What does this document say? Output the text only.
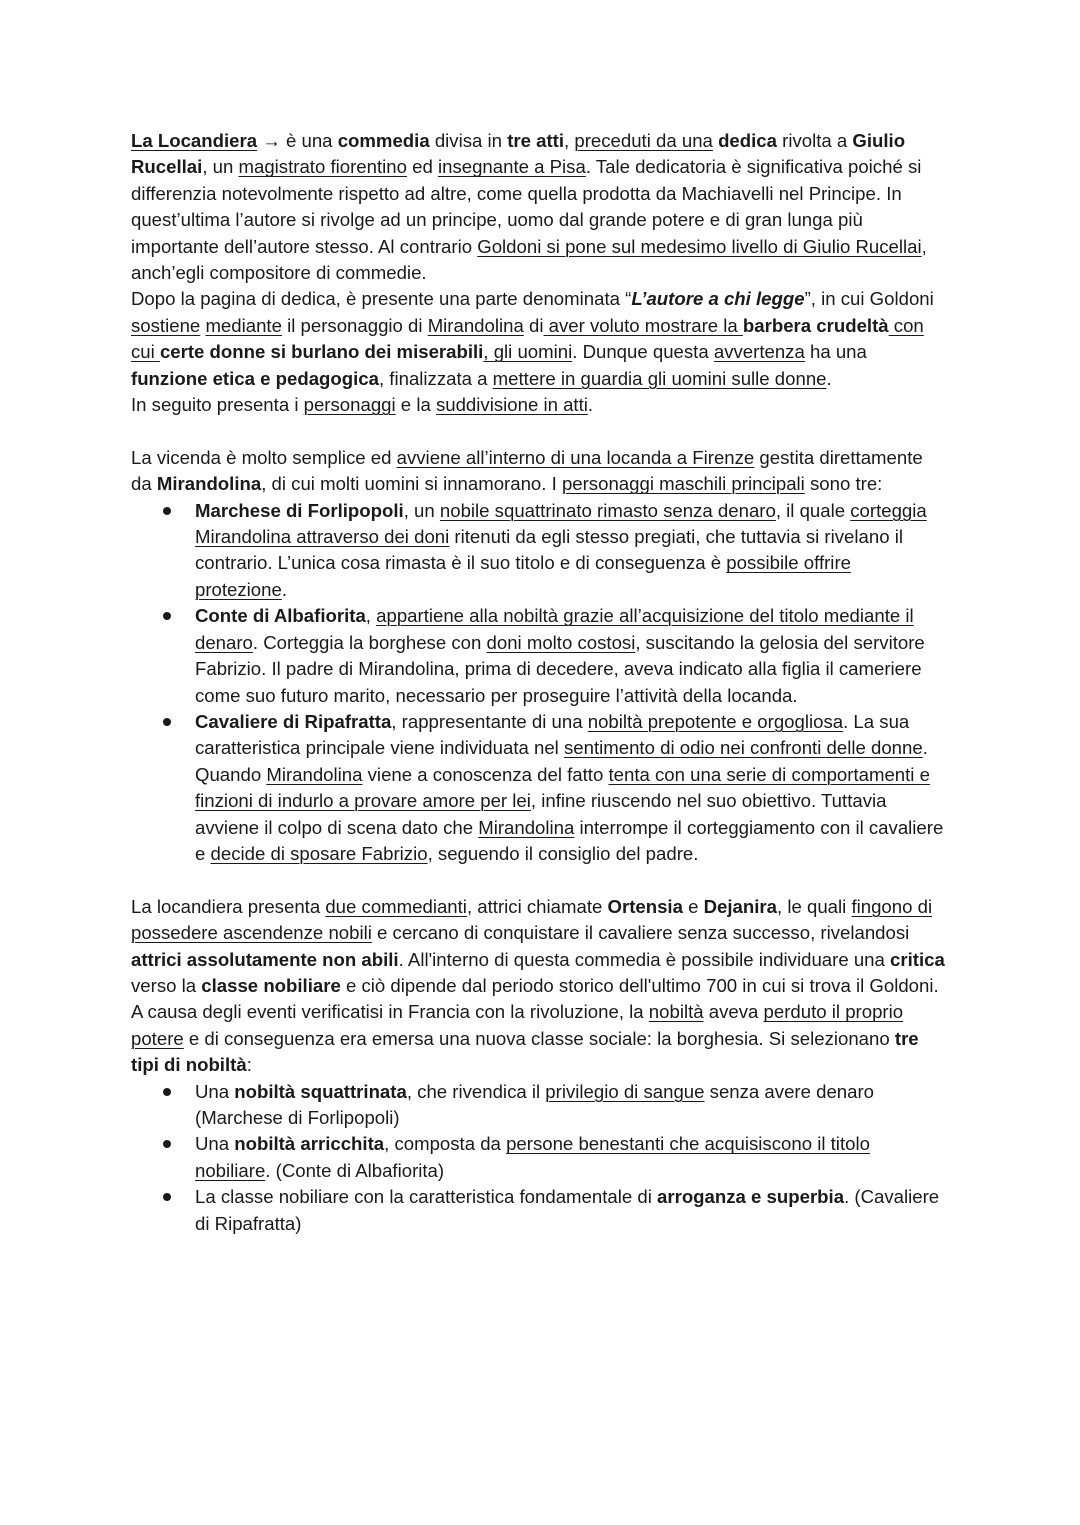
La Locandiera → è una commedia divisa in tre atti, preceduti da una dedica rivolta a Giulio Rucellai, un magistrato fiorentino ed insegnante a Pisa. Tale dedicatoria è significativa poiché si differenzia notevolmente rispetto ad altre, come quella prodotta da Machiavelli nel Principe. In quest’ultima l’autore si rivolge ad un principe, uomo dal grande potere e di gran lunga più importante dell’autore stesso. Al contrario Goldoni si pone sul medesimo livello di Giulio Rucellai, anch’egli compositore di commedie.

Dopo la pagina di dedica, è presente una parte denominata “L’autore a chi legge”, in cui Goldoni sostiene mediante il personaggio di Mirandolina di aver voluto mostrare la barbera crudeltà con cui certe donne si burlano dei miserabili, gli uomini. Dunque questa avvertenza ha una funzione etica e pedagogica, finalizzata a mettere in guardia gli uomini sulle donne.

In seguito presenta i personaggi e la suddivisione in atti.

La vicenda è molto semplice ed avviene all’interno di una locanda a Firenze gestita direttamente da Mirandolina, di cui molti uomini si innamorano. I personaggi maschili principali sono tre:

Marchese di Forlipopoli, un nobile squattrinato rimasto senza denaro, il quale corteggia Mirandolina attraverso dei doni ritenuti da egli stesso pregiati, che tuttavia si rivelano il contrario. L’unica cosa rimasta è il suo titolo e di conseguenza è possibile offrire protezione.
Conte di Albafiorita, appartiene alla nobiltà grazie all’acquisizione del titolo mediante il denaro. Corteggia la borghese con doni molto costosi, suscitando la gelosia del servitore Fabrizio. Il padre di Mirandolina, prima di decedere, aveva indicato alla figlia il cameriere come suo futuro marito, necessario per proseguire l’attività della locanda.
Cavaliere di Ripafratta, rappresentante di una nobiltà prepotente e orgogliosa. La sua caratteristica principale viene individuata nel sentimento di odio nei confronti delle donne. Quando Mirandolina viene a conoscenza del fatto tenta con una serie di comportamenti e finzioni di indurlo a provare amore per lei, infine riuscendo nel suo obiettivo. Tuttavia avviene il colpo di scena dato che Mirandolina interrompe il corteggiamento con il cavaliere e decide di sposare Fabrizio, seguendo il consiglio del padre.

La locandiera presenta due commedianti, attrici chiamate Ortensia e Dejanira, le quali fingono di possedere ascendenze nobili e cercano di conquistare il cavaliere senza successo, rivelandosi attrici assolutamente non abili. All'interno di questa commedia è possibile individuare una critica verso la classe nobiliare e ciò dipende dal periodo storico dell'ultimo 700 in cui si trova il Goldoni. A causa degli eventi verificatisi in Francia con la rivoluzione, la nobiltà aveva perduto il proprio potere e di conseguenza era emersa una nuova classe sociale: la borghesia. Si selezionano tre tipi di nobiltà:

Una nobiltà squattrinata, che rivendica il privilegio di sangue senza avere denaro (Marchese di Forlipopoli)
Una nobiltà arricchita, composta da persone benestanti che acquisiscono il titolo nobiliare. (Conte di Albafiorita)
La classe nobiliare con la caratteristica fondamentale di arroganza e superbia. (Cavaliere di Ripafratta)
